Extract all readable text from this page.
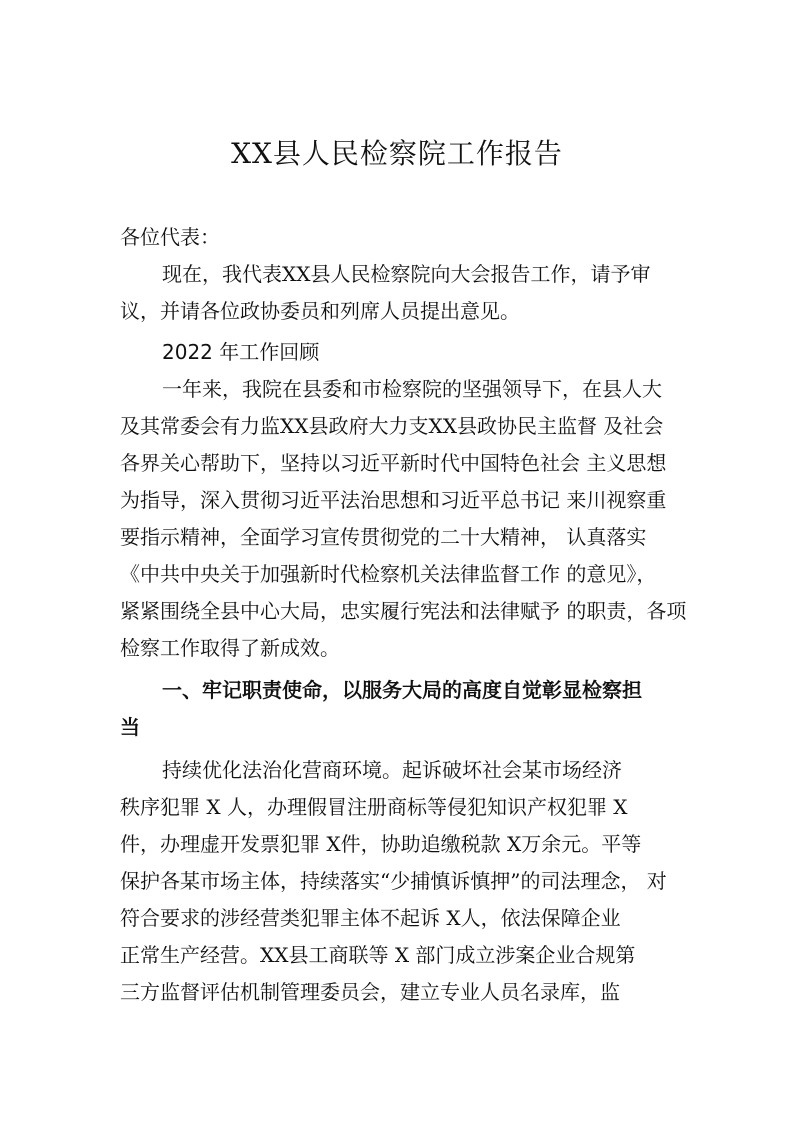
XX县人民检察院工作报告

各位代表：

现在，我代表XX县人民检察院向大会报告工作，请予审

议，并请各位政协委员和列席人员提出意见。

2022 年工作回顾

一年来，我院在县委和市检察院的坚强领导下，在县人大

及其常委会有力监XX县政府大力支XX县政协民主监督 及社会

各界关心帮助下，坚持以习近平新时代中国特色社会 主义思想

为指导，深入贯彻习近平法治思想和习近平总书记 来川视察重

要指示精神，全面学习宣传贯彻党的二十大精神， 认真落实

《中共中央关于加强新时代检察机关法律监督工作 的意见》，

紧紧围绕全县中心大局，忠实履行宪法和法律赋予 的职责，各项

检察工作取得了新成效。

一、牢记职责使命，以服务大局的高度自觉彰显检察担

当

持续优化法治化营商环境。起诉破坏社会某市场经济

秩序犯罪 X 人，办理假冒注册商标等侵犯知识产权犯罪 X

件，办理虚开发票犯罪 X件，协助追缴税款 X万余元。平等

保护各某市场主体，持续落实“少捕慎诉慎押”的司法理念， 对

符合要求的涉经营类犯罪主体不起诉 X人，依法保障企业

正常生产经营。XX县工商联等 X 部门成立涉案企业合规第

三方监督评估机制管理委员会，建立专业人员名录库，监
